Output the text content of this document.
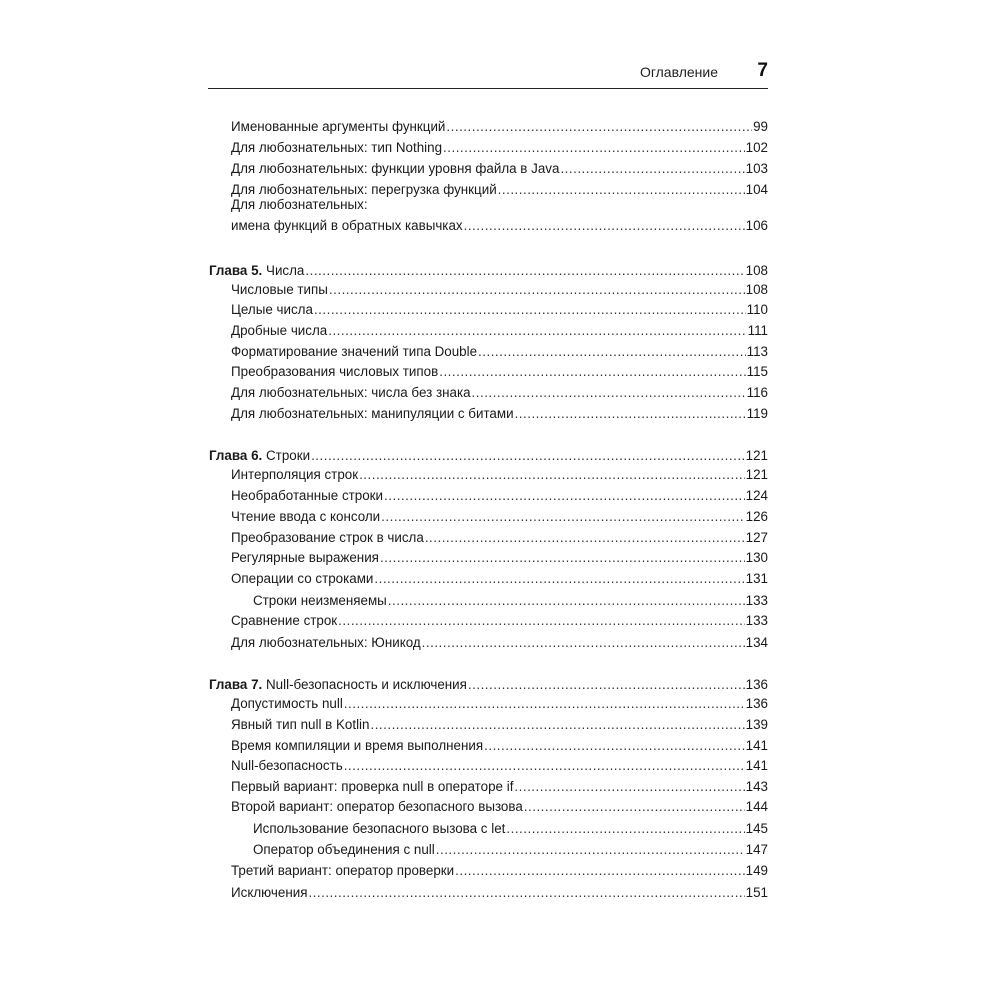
Оглавление 7
Именованные аргументы функций .....	99
Для любознательных: тип Nothing .....	102
Для любознательных: функции уровня файла в Java .....	103
Для любознательных: перегрузка функций .....	104
Для любознательных:
имена функций в обратных кавычках .....	106
Глава 5. Числа .....	108
Числовые типы .....	108
Целые числа .....	110
Дробные числа .....	111
Форматирование значений типа Double .....	113
Преобразования числовых типов .....	115
Для любознательных: числа без знака .....	116
Для любознательных: манипуляции с битами .....	119
Глава 6. Строки .....	121
Интерполяция строк .....	121
Необработанные строки .....	124
Чтение ввода с консоли .....	126
Преобразование строк в числа .....	127
Регулярные выражения .....	130
Операции со строками .....	131
Строки неизменяемы .....	133
Сравнение строк .....	133
Для любознательных: Юникод .....	134
Глава 7. Null-безопасность и исключения .....	136
Допустимость null .....	136
Явный тип null в Kotlin .....	139
Время компиляции и время выполнения .....	141
Null-безопасность .....	141
Первый вариант: проверка null в операторе if .....	143
Второй вариант: оператор безопасного вызова .....	144
Использование безопасного вызова с let .....	145
Оператор объединения с null .....	147
Третий вариант: оператор проверки .....	149
Исключения .....	151
